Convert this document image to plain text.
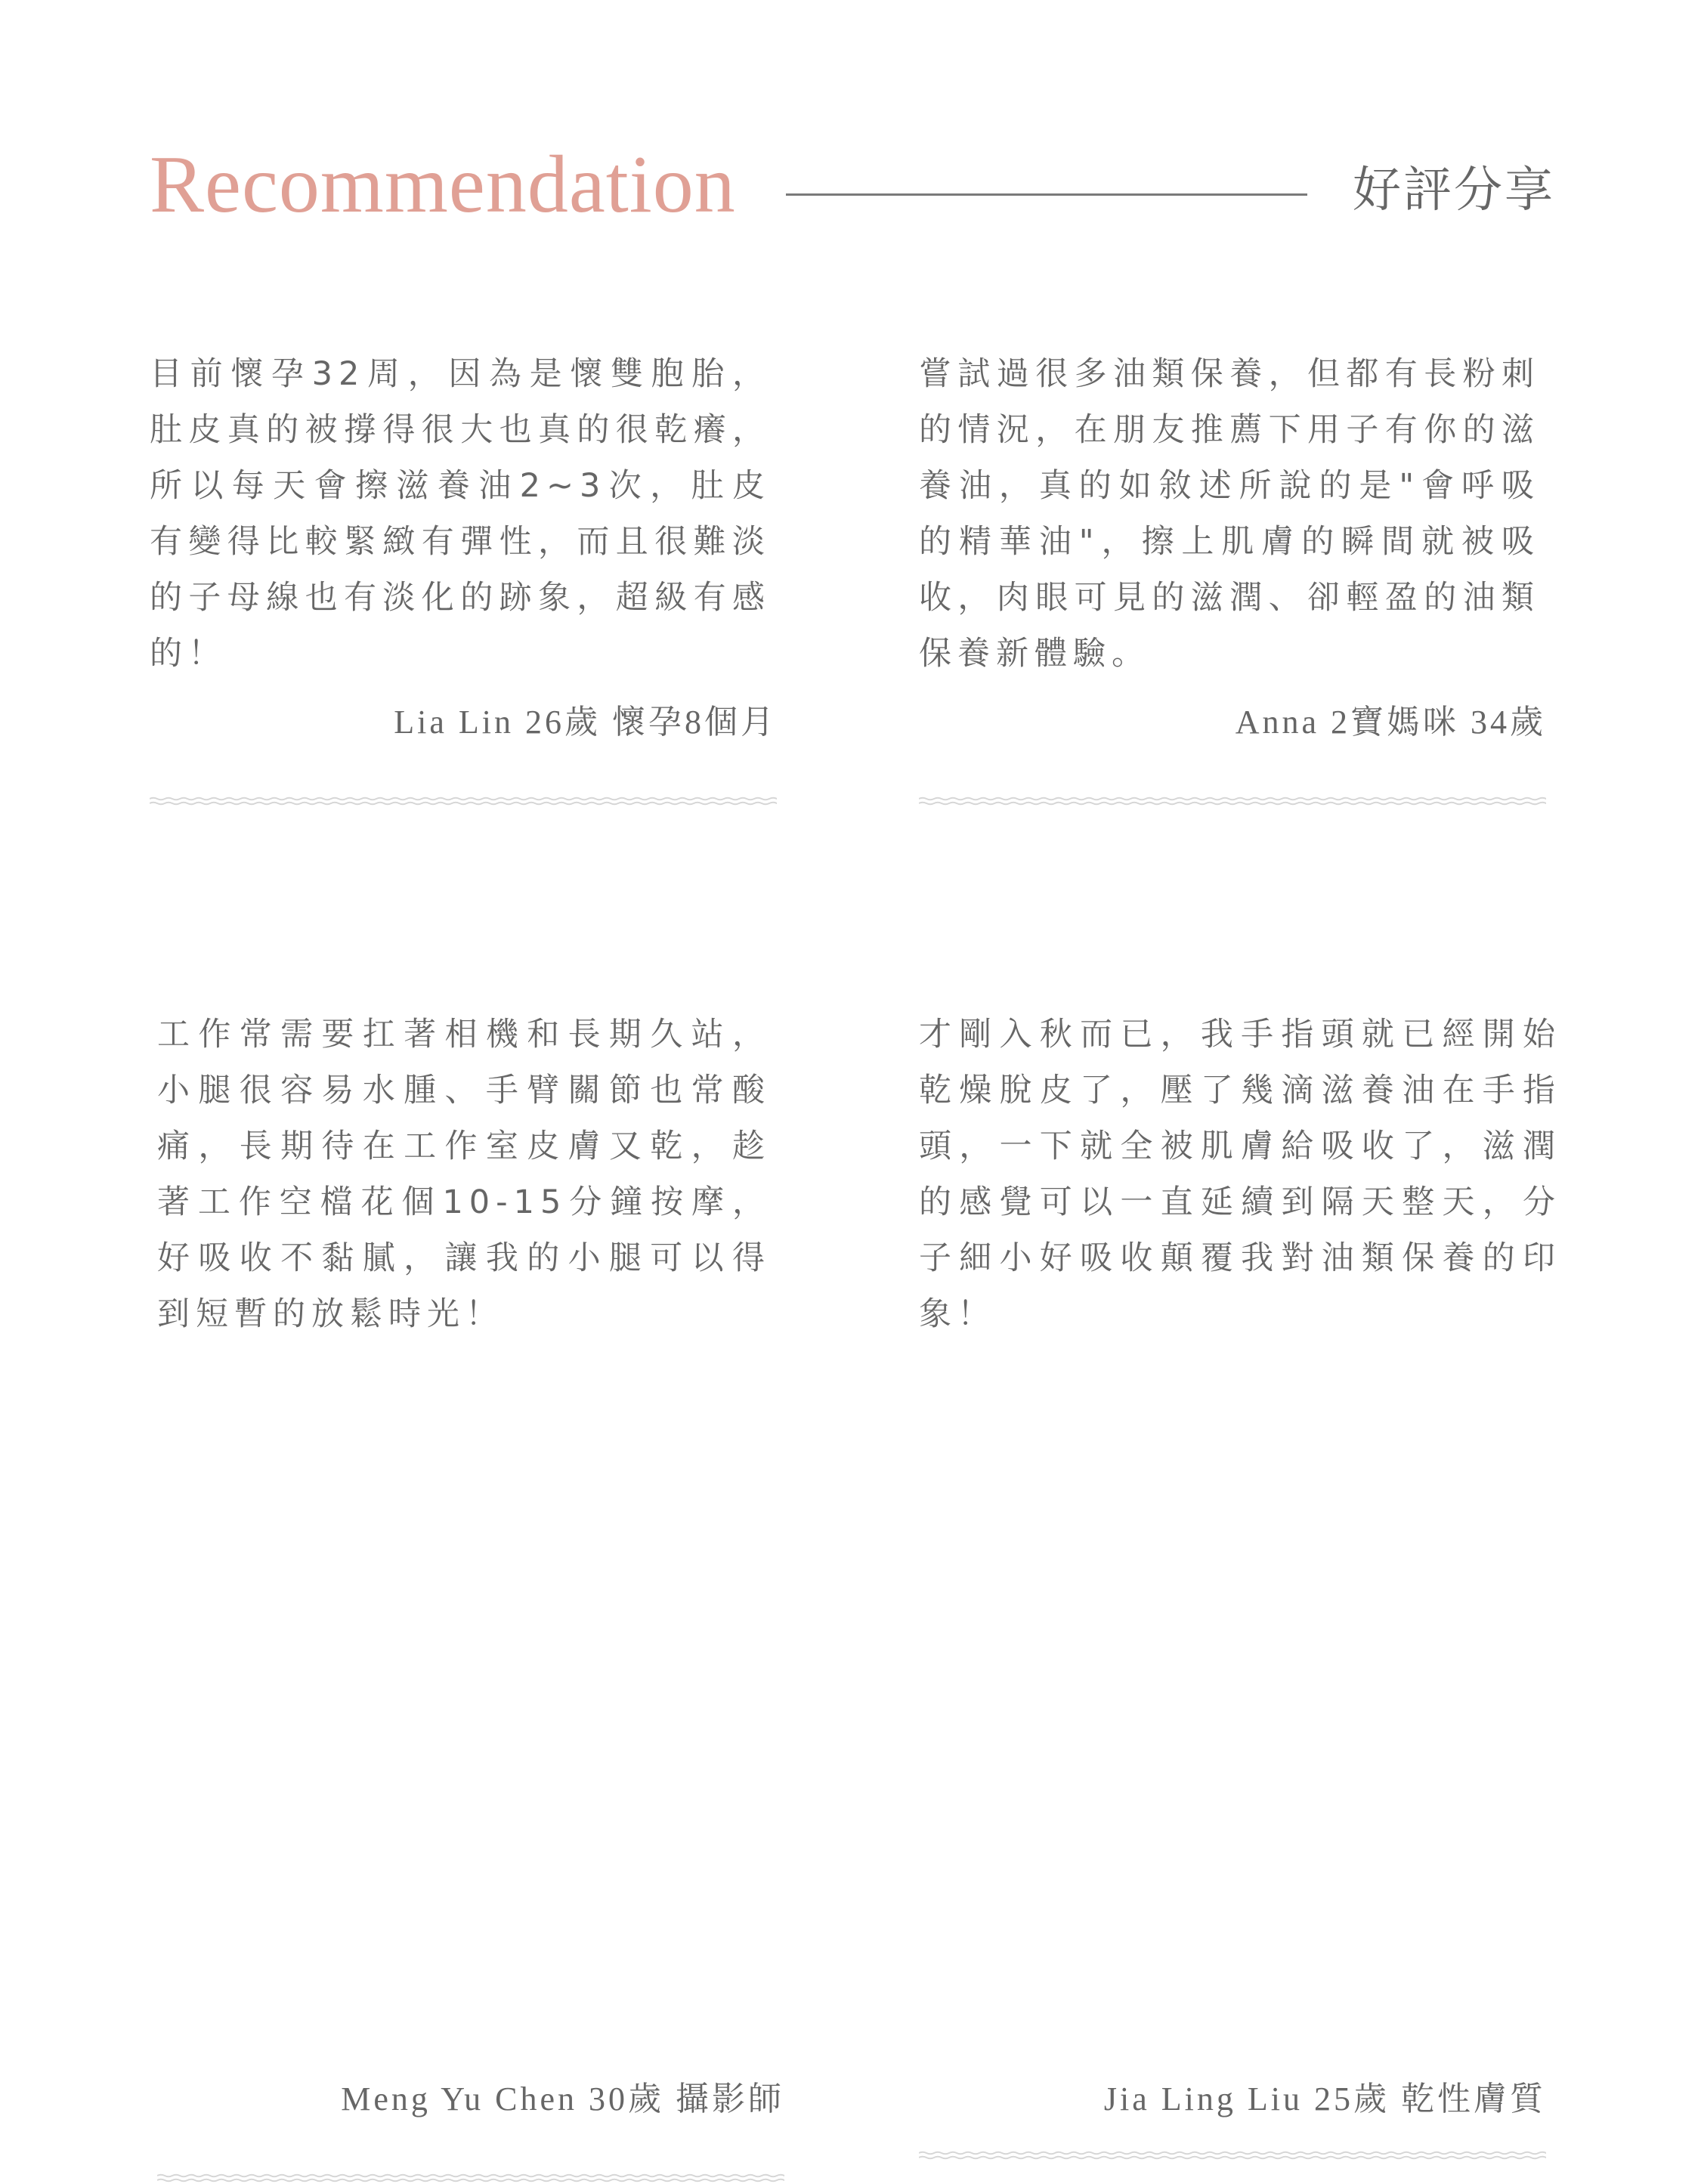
Recommendation	好評分享
目前懷孕32周，因為是懷雙胞胎，肚皮真的被撐得很大也真的很乾癢，所以每天會擦滋養油2~3次，肚皮有變得比較緊緻有彈性，而且很難淡的子母線也有淡化的跡象，超級有感的！
Lia Lin 26歲 懷孕8個月
嘗試過很多油類保養，但都有長粉刺的情況，在朋友推薦下用子有你的滋養油，真的如敘述所說的是"會呼吸的精華油"，擦上肌膚的瞬間就被吸收，肉眼可見的滋潤、卻輕盈的油類保養新體驗。
Anna 2寶媽咪 34歲
工作常需要扛著相機和長期久站，小腿很容易水腫、手臂關節也常酸痛，長期待在工作室皮膚又乾，趁著工作空檔花個10-15分鐘按摩，好吸收不黏膩，讓我的小腿可以得到短暫的放鬆時光！
Meng Yu Chen 30歲 攝影師
才剛入秋而已，我手指頭就已經開始乾燥脫皮了，壓了幾滴滋養油在手指頭，一下就全被肌膚給吸收了，滋潤的感覺可以一直延續到隔天整天，分子細小好吸收顛覆我對油類保養的印象！
Jia Ling Liu 25歲 乾性膚質
